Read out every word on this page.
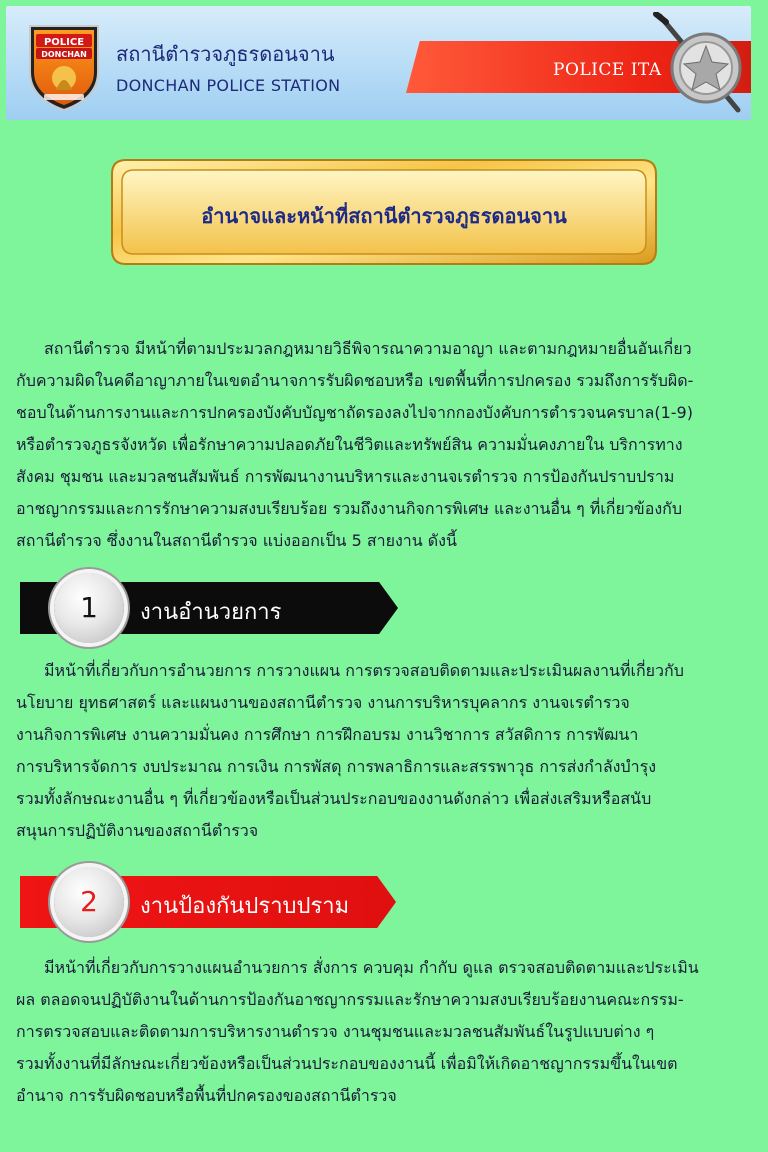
POLICE
DONCHAN สถานีตำรวจภูธรดอนจาน
DONCHAN POLICE STATION
POLICE ITA
อำนาจและหน้าที่สถานีตำรวจภูธรดอนจาน
สถานีตำรวจ มีหน้าที่ตามประมวลกฎหมายวิธีพิจารณาความอาญา และตามกฎหมายอื่นอันเกี่ยว
กับความผิดในคดีอาญาภายในเขตอำนาจการรับผิดชอบหรือ เขตพื้นที่การปกครอง รวมถึงการรับผิด-
ชอบในด้านการงานและการปกครองบังคับบัญชาถัดรองลงไปจากกองบังคับการตำรวจนครบาล(1-9)
หรือตำรวจภูธรจังหวัด เพื่อรักษาความปลอดภัยในชีวิตและทรัพย์สิน ความมั่นคงภายใน บริการทาง
สังคม ชุมชน และมวลชนสัมพันธ์ การพัฒนางานบริหารและงานจเรตำรวจ การป้องกันปราบปราม
อาชญากรรมและการรักษาความสงบเรียบร้อย รวมถึงงานกิจการพิเศษ และงานอื่น ๆ ที่เกี่ยวข้องกับ
สถานีตำรวจ ซึ่งงานในสถานีตำรวจ แบ่งออกเป็น 5 สายงาน ดังนี้
1	งานอำนวยการ
มีหน้าที่เกี่ยวกับการอำนวยการ การวางแผน การตรวจสอบติดตามและประเมินผลงานที่เกี่ยวกับ
นโยบาย ยุทธศาสตร์ และแผนงานของสถานีตำรวจ งานการบริหารบุคลากร งานจเรตำรวจ
งานกิจการพิเศษ งานความมั่นคง การศึกษา การฝึกอบรม งานวิชาการ สวัสดิการ การพัฒนา
การบริหารจัดการ งบประมาณ การเงิน การพัสดุ การพลาธิการและสรรพาวุธ การส่งกำลังบำรุง
รวมทั้งลักษณะงานอื่น ๆ ที่เกี่ยวข้องหรือเป็นส่วนประกอบของงานดังกล่าว เพื่อส่งเสริมหรือสนับ
สนุนการปฏิบัติงานของสถานีตำรวจ
2	งานป้องกันปราบปราม
มีหน้าที่เกี่ยวกับการวางแผนอำนวยการ สั่งการ ควบคุม กำกับ ดูแล ตรวจสอบติดตามและประเมิน
ผล ตลอดจนปฏิบัติงานในด้านการป้องกันอาชญากรรมและรักษาความสงบเรียบร้อยงานคณะกรรม-
การตรวจสอบและติดตามการบริหารงานตำรวจ งานชุมชนและมวลชนสัมพันธ์ในรูปแบบต่าง ๆ
รวมทั้งงานที่มีลักษณะเกี่ยวข้องหรือเป็นส่วนประกอบของงานนี้ เพื่อมิให้เกิดอาชญากรรมขึ้นในเขต
อำนาจ การรับผิดชอบหรือพื้นที่ปกครองของสถานีตำรวจ
